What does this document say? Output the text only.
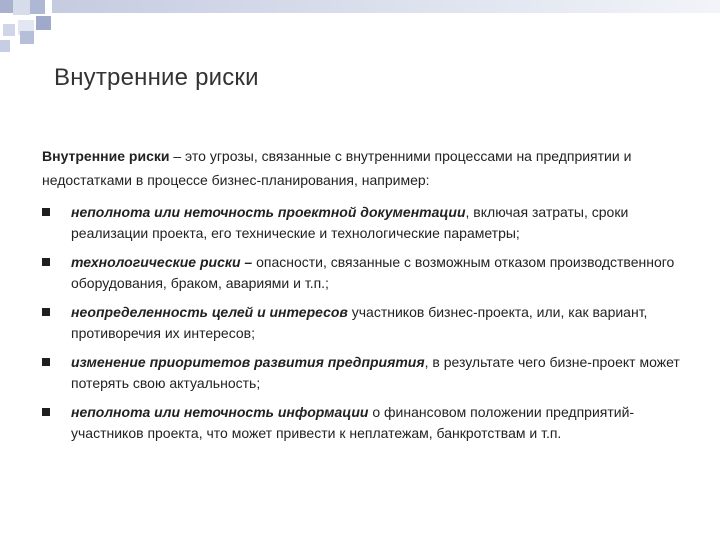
Внутренние риски
Внутренние риски – это угрозы, связанные с внутренними процессами на предприятии и недостатками в процессе бизнес-планирования, например:
неполнота или неточность проектной документации, включая затраты, сроки реализации проекта, его технические и технологические параметры;
технологические риски – опасности, связанные с возможным отказом производственного оборудования, браком, авариями и т.п.;
неопределенность целей и интересов участников бизнес-проекта, или, как вариант, противоречия их интересов;
изменение приоритетов развития предприятия, в результате чего бизне-проект может потерять свою актуальность;
неполнота или неточность информации о финансовом положении предприятий-участников проекта, что может привести к неплатежам, банкротствам и т.п.
